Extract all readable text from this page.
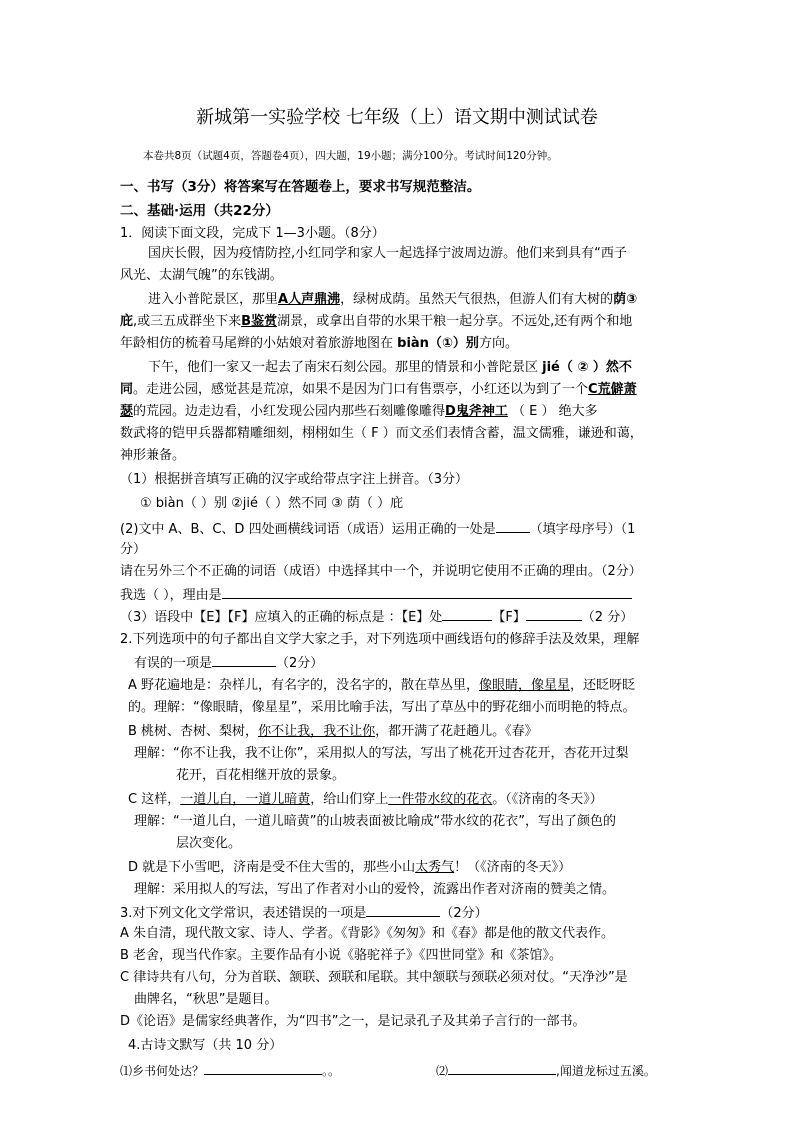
新城第一实验学校 七年级（上）语文期中测试试卷
本卷共8页（试题4页，答题卷4页），四大题，19小题；满分100分。考试时间120分钟。
一、书写（3分）将答案写在答题卷上，要求书写规范整洁。
二、基础·运用（共22分）
1．阅读下面文段，完成下 1—3小题。（8分）
国庆长假，因为疫情防控,小红同学和家人一起选择宁波周边游。他们来到具有“西子
风光、太湖气魄”的东钱湖。
进入小普陀景区，那里A人声鼎沸，绿树成荫。虽然天气很热，但游人们有大树的荫③
庇,或三五成群坐下来B鉴赏湖景，或拿出自带的水果干粮一起分享。不远处,还有两个和地
年龄相仿的梳着马尾辫的小姑娘对着旅游地图在 biàn（①）别方向。
下午，他们一家又一起去了南宋石刻公园。那里的情景和小普陀景区 jié（ ② ）然不
同。走进公园，感觉甚是荒凉，如果不是因为门口有售票亭，小红还以为到了一个C荒僻萧
瑟的荒园。边走边看，小红发现公园内那些石刻雕像雕得D鬼斧神工 （ E ） 绝大多
数武将的铠甲兵器都精雕细刻，栩栩如生（ F ）而文丞们表情含蓄，温文儒雅，谦逊和蔼，
神形兼备。
（1）根据拼音填写正确的汉字或给带点字注上拼音。（3分）
① biàn（ ）别 ②jié（ ）然不同 ③ 荫（ ）庇
(2)文中 A、B、C、D 四处画横线词语（成语）运用正确的一处是	（填字母序号）（1
分）
请在另外三个不正确的词语（成语）中选择其中一个，并说明它使用不正确的理由。（2分）
我选（ ），理由是
（3）语段中【E】【F】应填入的正确的标点是 ：【E】处	【F】	（2 分）
2.下列选项中的句子都出自文学大家之手，对下列选项中画线语句的修辞手法及效果，理解
有误的一项是	（2分）
A 野花遍地是：杂样儿，有名字的，没名字的，散在草丛里，像眼睛，像星星，还眨呀眨
的。理解：“像眼睛，像星星”，采用比喻手法，写出了草丛中的野花细小而明艳的特点。
B 桃树、杏树、梨树，你不让我，我不让你，都开满了花赶趟儿。《春》
理解：“你不让我，我不让你”，采用拟人的写法，写出了桃花开过杏花开，杏花开过梨
花开，百花相继开放的景象。
C 这样，一道儿白，一道儿暗黄，给山们穿上一件带水纹的花衣。（《济南的冬天》）
理解：“一道儿白，一道儿暗黄”的山坡表面被比喻成“带水纹的花衣”，写出了颜色的
层次变化。
D 就是下小雪吧，济南是受不住大雪的，那些小山太秀气！（《济南的冬天》）
理解：采用拟人的写法，写出了作者对小山的爱怜，流露出作者对济南的赞美之情。
3.对下列文化文学常识，表述错误的一项是	（2分）
A 朱自清，现代散文家、诗人、学者。《背影》《匆匆》和《春》都是他的散文代表作。
B 老舍，现当代作家。主要作品有小说《骆驼祥子》《四世同堂》和《茶馆》。
C 律诗共有八句，分为首联、颔联、颈联和尾联。其中颔联与颈联必须对仗。“天净沙”是
曲牌名，“秋思”是题目。
D《论语》是儒家经典著作，为“四书”之一，是记录孔子及其弟子言行的一部书。
4.古诗文默写（共 10 分）
⑴乡书何处达？	。。	⑵	,闻道龙标过五溪。
